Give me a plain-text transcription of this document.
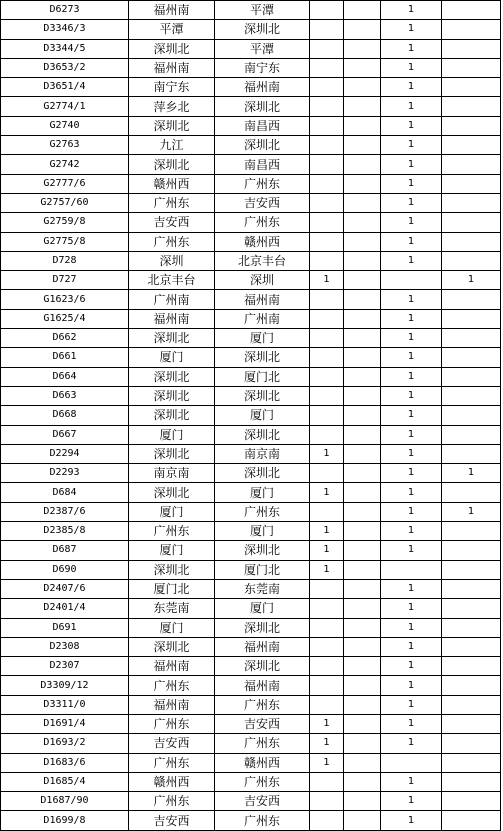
D6273	福州南	平潭			1	
D3346/3	平潭	深圳北			1	
D3344/5	深圳北	平潭			1	
D3653/2	福州南	南宁东			1	
D3651/4	南宁东	福州南			1	
G2774/1	萍乡北	深圳北			1	
G2740	深圳北	南昌西			1	
G2763	九江	深圳北			1	
G2742	深圳北	南昌西			1	
G2777/6	赣州西	广州东			1	
G2757/60	广州东	吉安西			1	
G2759/8	吉安西	广州东			1	
G2775/8	广州东	赣州西			1	
D728	深圳	北京丰台			1	
D727	北京丰台	深圳	1			1
G1623/6	广州南	福州南			1	
G1625/4	福州南	广州南			1	
D662	深圳北	厦门			1	
D661	厦门	深圳北			1	
D664	深圳北	厦门北			1	
D663	深圳北	深圳北			1	
D668	深圳北	厦门			1	
D667	厦门	深圳北			1	
D2294	深圳北	南京南	1		1	
D2293	南京南	深圳北			1	1
D684	深圳北	厦门	1		1	
D2387/6	厦门	广州东			1	1
D2385/8	广州东	厦门	1		1	
D687	厦门	深圳北	1		1	
D690	深圳北	厦门北	1			
D2407/6	厦门北	东莞南			1	
D2401/4	东莞南	厦门			1	
D691	厦门	深圳北			1	
D2308	深圳北	福州南			1	
D2307	福州南	深圳北			1	
D3309/12	广州东	福州南			1	
D3311/0	福州南	广州东			1	
D1691/4	广州东	吉安西	1		1	
D1693/2	吉安西	广州东	1		1	
D1683/6	广州东	赣州西	1			
D1685/4	赣州西	广州东			1	
D1687/90	广州东	吉安西			1	
D1699/8	吉安西	广州东			1	
